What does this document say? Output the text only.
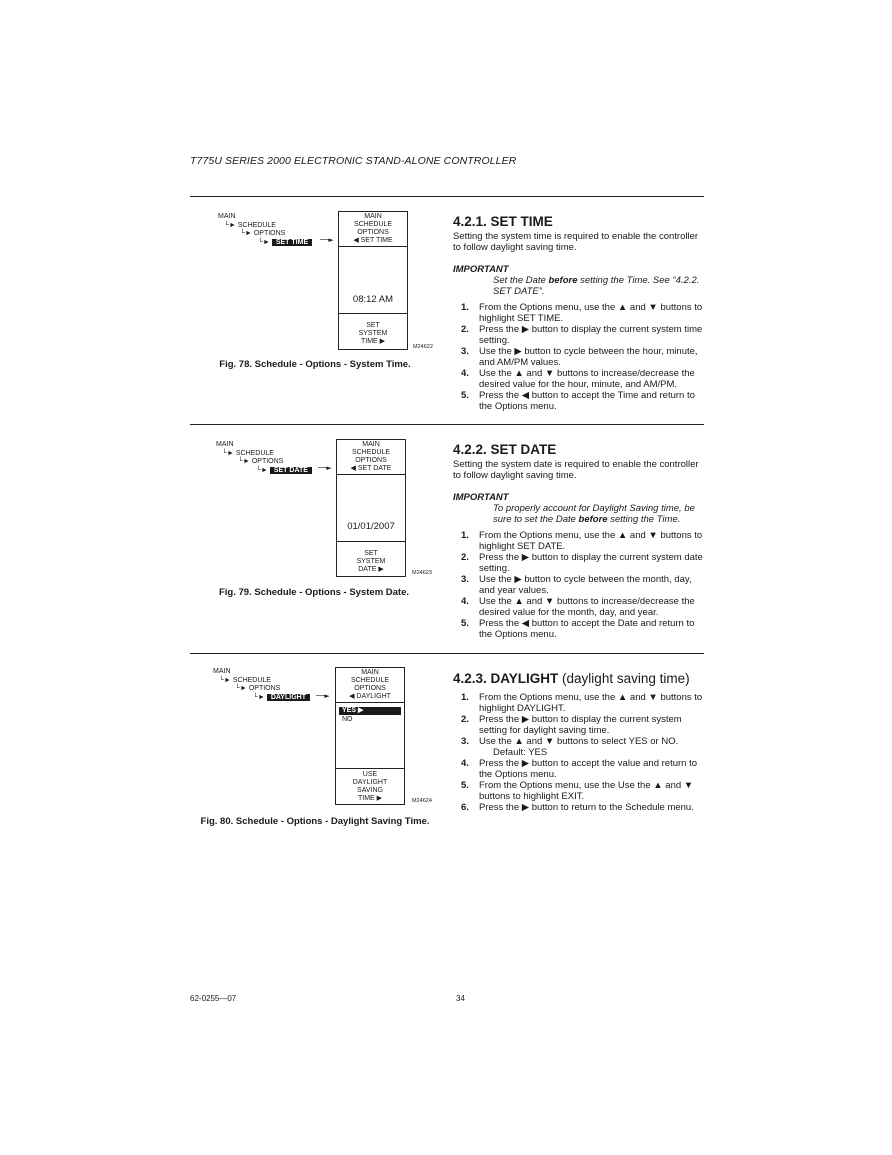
T775U SERIES 2000 ELECTRONIC STAND-ALONE CONTROLLER
MAIN
└► SCHEDULE
└► OPTIONS
└► SET TIME	──►
MAIN
SCHEDULE
OPTIONS
◀ SET TIME
08:12 AM
SET
SYSTEM
TIME ▶
M24622
Fig. 78. Schedule - Options - System Time.
4.2.1. SET TIME
Setting the system time is required to enable the controller to follow daylight saving time.
IMPORTANT
Set the Date before setting the Time. See “4.2.2. SET DATE”.
1. From the Options menu, use the ▲ and ▼ buttons to highlight SET TIME.
2. Press the ▶ button to display the current system time setting.
3. Use the ▶ button to cycle between the hour, minute, and AM/PM values.
4. Use the ▲ and ▼ buttons to increase/decrease the desired value for the hour, minute, and AM/PM.
5. Press the ◀ button to accept the Time and return to the Options menu.
MAIN
└► SCHEDULE
└► OPTIONS
└► SET DATE	──►
MAIN
SCHEDULE
OPTIONS
◀ SET DATE
01/01/2007
SET
SYSTEM
DATE ▶	M24623
Fig. 79. Schedule - Options - System Date.
4.2.2. SET DATE
Setting the system date is required to enable the controller to follow daylight saving time.
IMPORTANT
To properly account for Daylight Saving time, be sure to set the Date before setting the Time.
1. From the Options menu, use the ▲ and ▼ buttons to highlight SET DATE.
2. Press the ▶ button to display the current system date setting.
3. Use the ▶ button to cycle between the month, day, and year values.
4. Use the ▲ and ▼ buttons to increase/decrease the desired value for the month, day, and year.
5. Press the ◀ button to accept the Date and return to the Options menu.
MAIN
└► SCHEDULE
└► OPTIONS
└► DAYLIGHT	──►
MAIN
SCHEDULE
OPTIONS
◀ DAYLIGHT
YES ▶
NO
USE
DAYLIGHT
SAVING
TIME ▶	M24624
Fig. 80. Schedule - Options - Daylight Saving Time.
4.2.3. DAYLIGHT (daylight saving time)
1. From the Options menu, use the ▲ and ▼ buttons to highlight DAYLIGHT.
2. Press the ▶ button to display the current system setting for daylight saving time.
3. Use the ▲ and ▼ buttons to select YES or NO.
Default: YES
4. Press the ▶ button to accept the value and return to the Options menu.
5. From the Options menu, use the Use the ▲ and ▼ buttons to highlight EXIT.
6. Press the ▶ button to return to the Schedule menu.
62-0255—07	34
